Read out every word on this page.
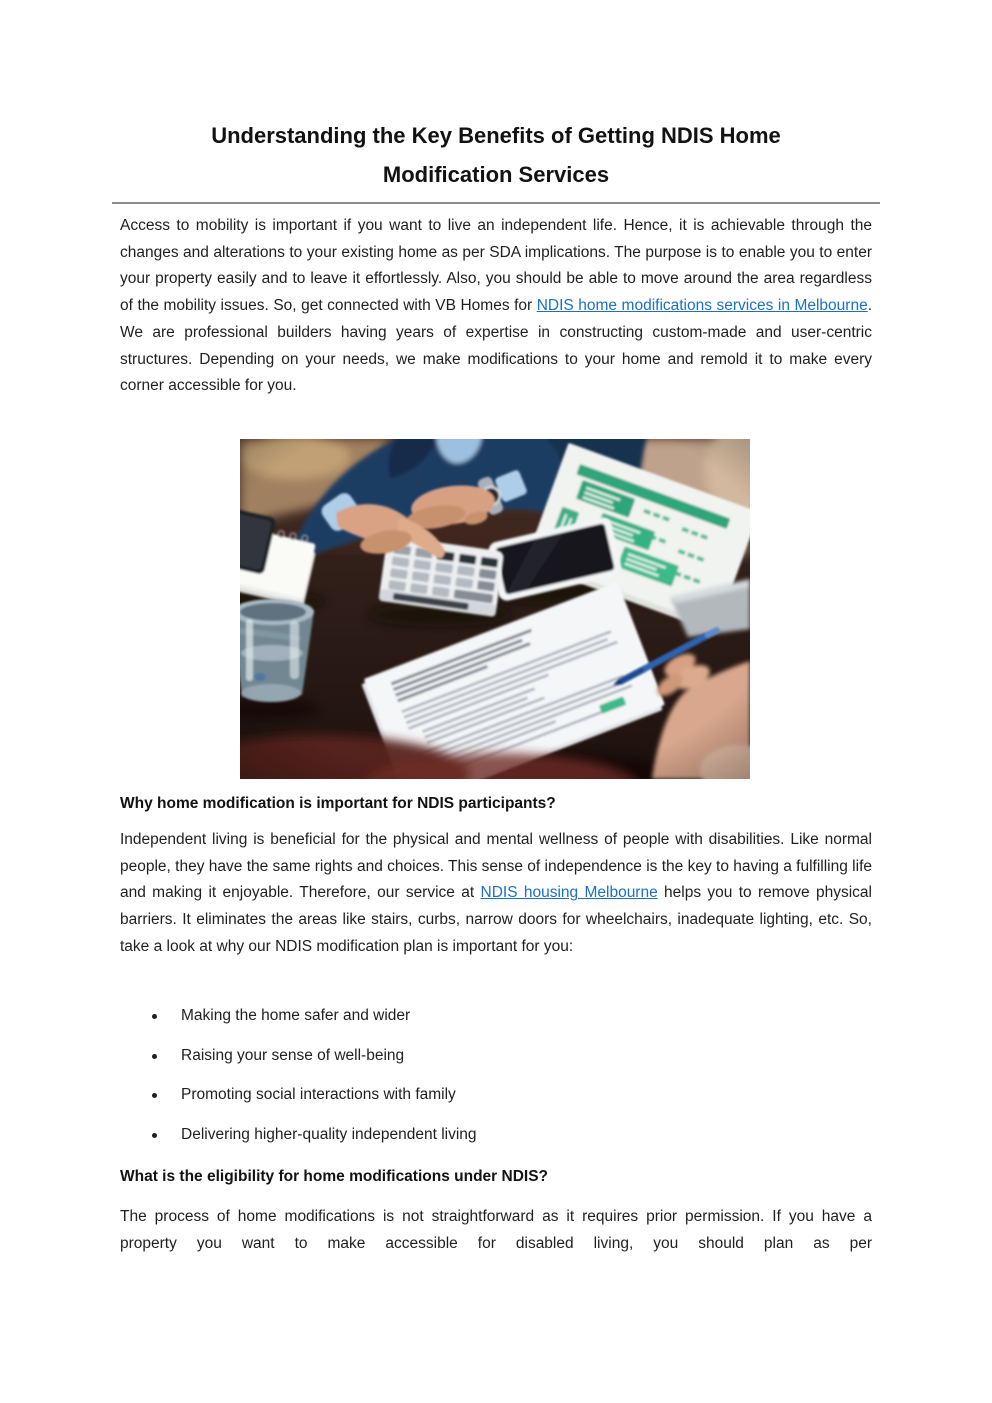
Understanding the Key Benefits of Getting NDIS Home
Modification Services

Access to mobility is important if you want to live an independent life. Hence, it is achievable through the changes and alterations to your existing home as per SDA implications. The purpose is to enable you to enter your property easily and to leave it effortlessly. Also, you should be able to move around the area regardless of the mobility issues. So, get connected with VB Homes for NDIS home modifications services in Melbourne. We are professional builders having years of expertise in constructing custom-made and user-centric structures. Depending on your needs, we make modifications to your home and remold it to make every corner accessible for you.

Why home modification is important for NDIS participants?

Independent living is beneficial for the physical and mental wellness of people with disabilities. Like normal people, they have the same rights and choices. This sense of independence is the key to having a fulfilling life and making it enjoyable. Therefore, our service at NDIS housing Melbourne helps you to remove physical barriers. It eliminates the areas like stairs, curbs, narrow doors for wheelchairs, inadequate lighting, etc. So, take a look at why our NDIS modification plan is important for you:

Making the home safer and wider
Raising your sense of well-being
Promoting social interactions with family
Delivering higher-quality independent living
What is the eligibility for home modifications under NDIS?

The process of home modifications is not straightforward as it requires prior permission. If you have a property you want to make accessible for disabled living, you should plan as per
